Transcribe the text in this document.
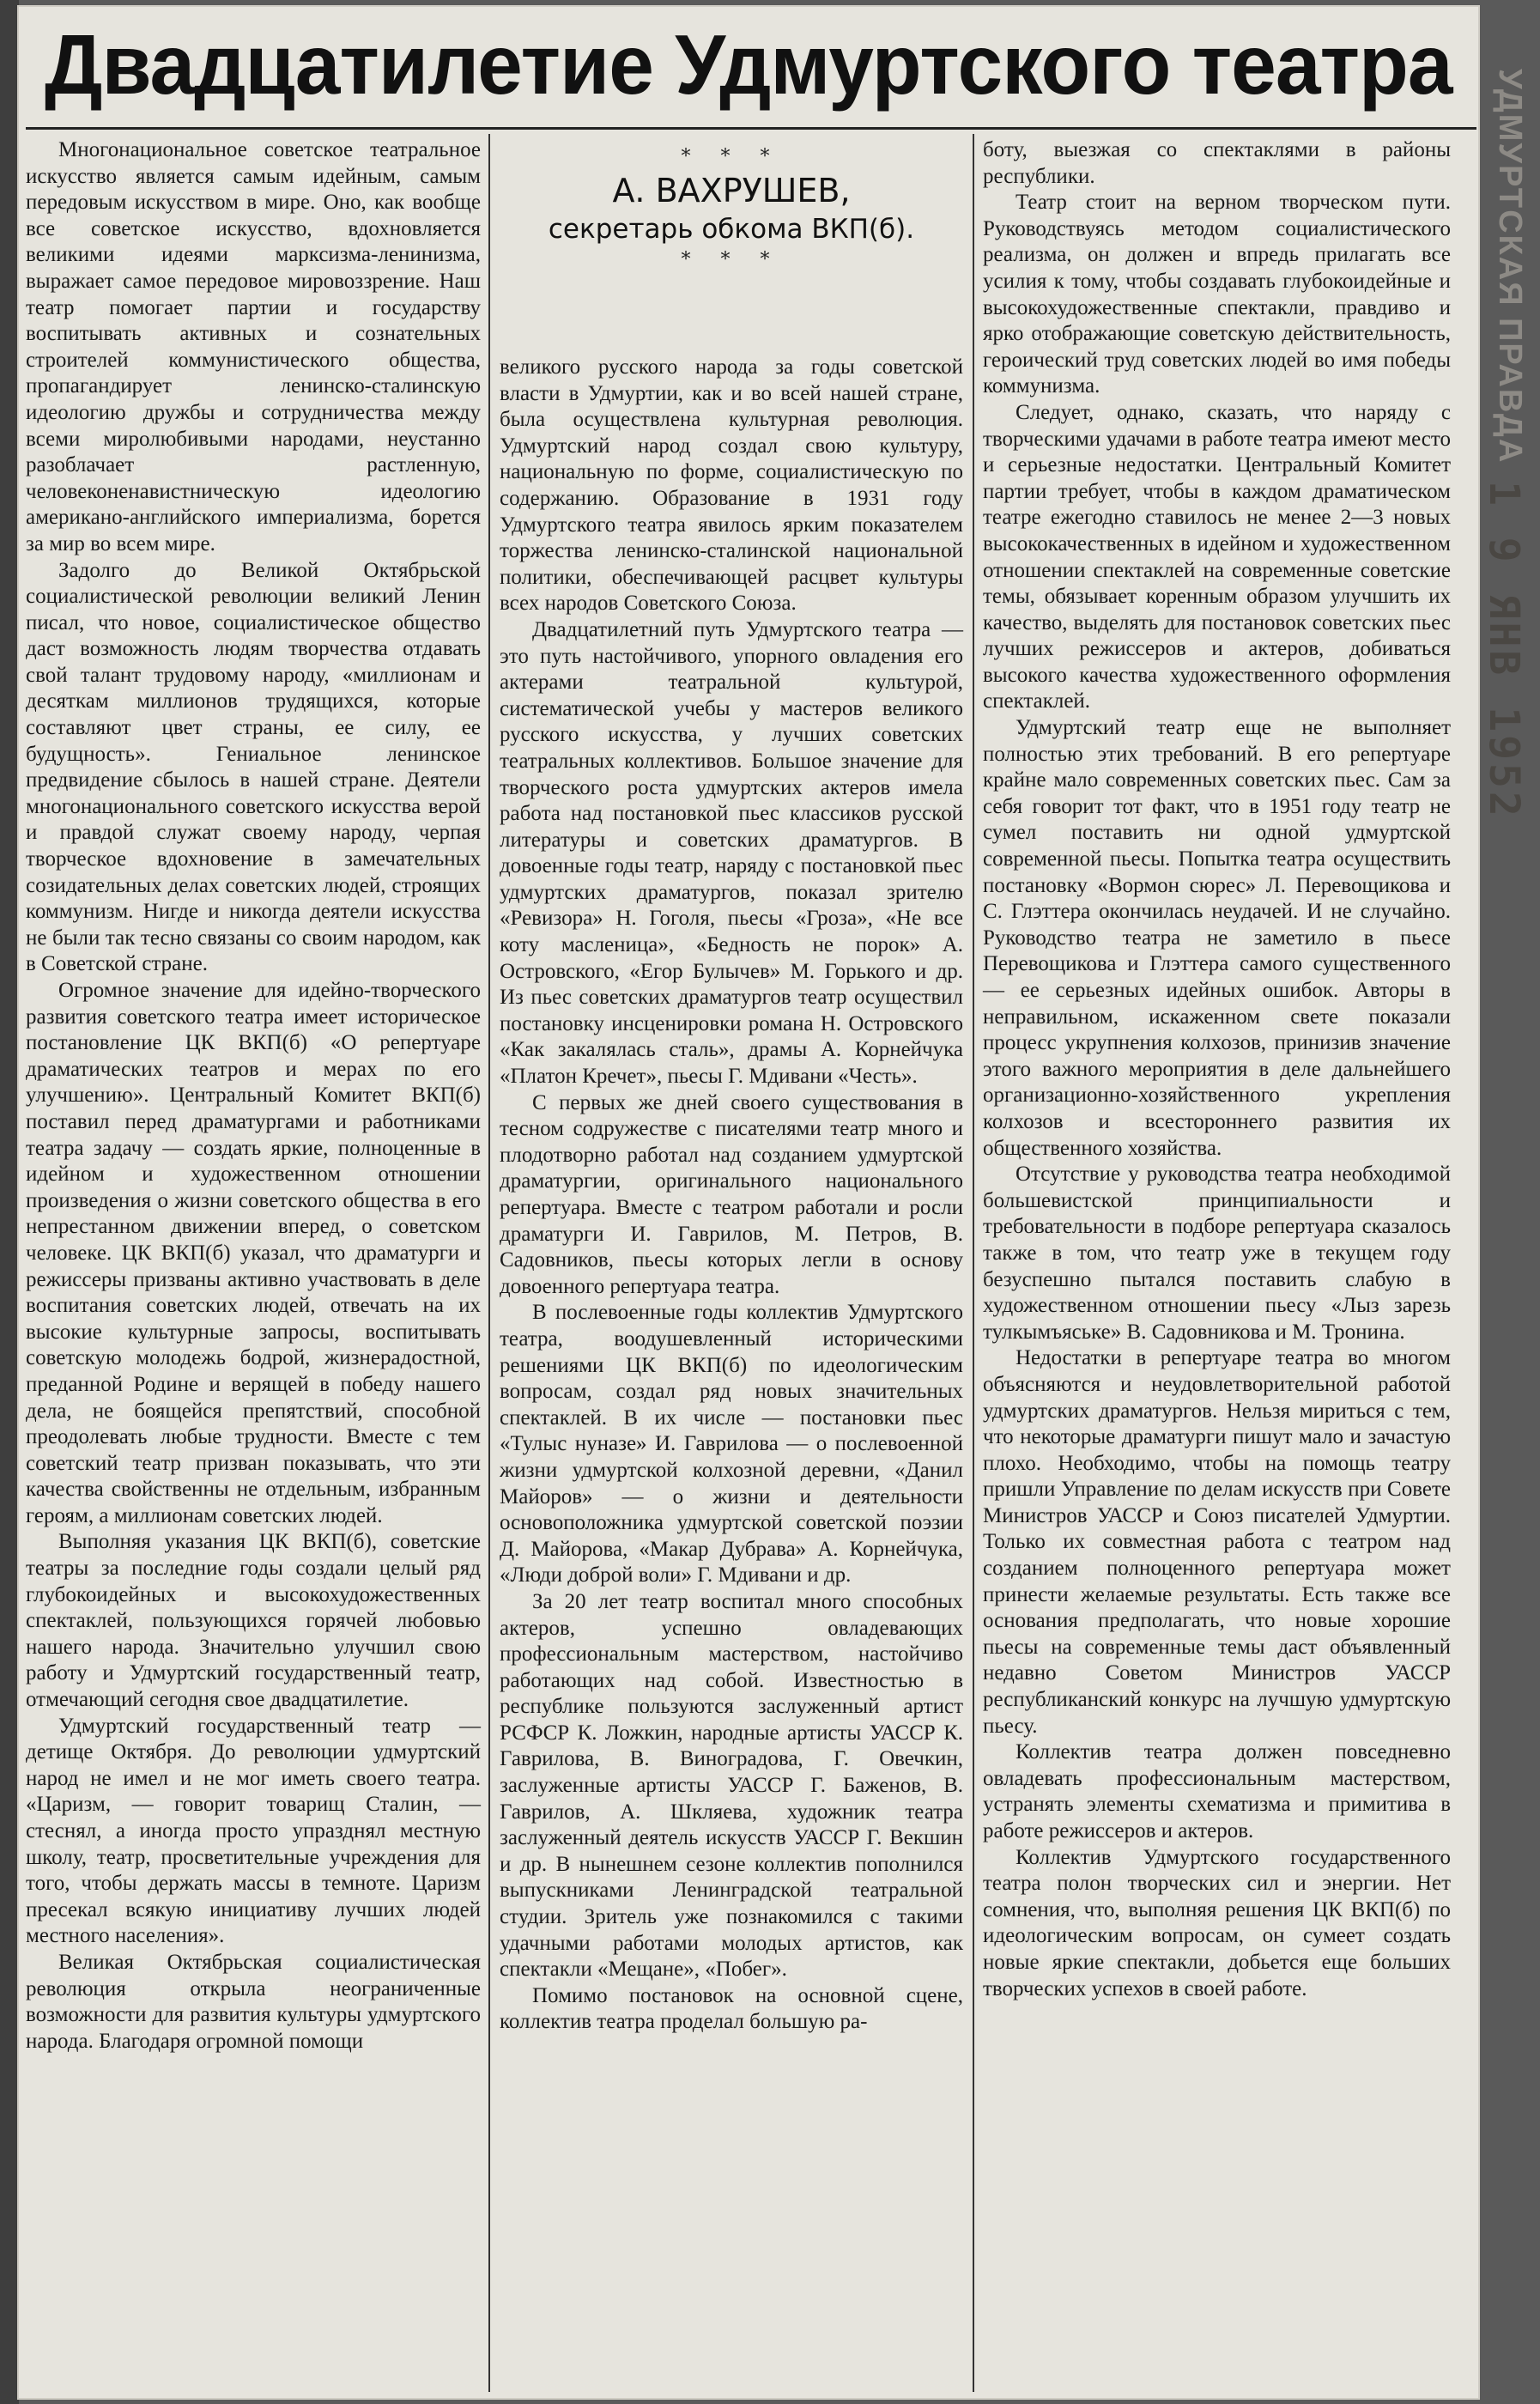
Двадцатилетие Удмуртского театра

Многонациональное советское театральное искусство является самым идейным, самым передовым искусством в мире. Оно, как вообще все советское искусство, вдохновляется великими идеями марксизма-ленинизма, выражает самое передовое мировоззрение. Наш театр помогает партии и государству воспитывать активных и сознательных строителей коммунистического общества, пропагандирует ленинско-сталинскую идеологию дружбы и сотрудничества между всеми миролюбивыми народами, неустанно разоблачает растленную, человеконенавистническую идеологию американо-английского империализма, борется за мир во всем мире.

Задолго до Великой Октябрьской социалистической революции великий Ленин писал, что новое, социалистическое общество даст возможность людям творчества отдавать свой талант трудовому народу, «миллионам и десяткам миллионов трудящихся, которые составляют цвет страны, ее силу, ее будущность». Гениальное ленинское предвидение сбылось в нашей стране. Деятели многонационального советского искусства верой и правдой служат своему народу, черпая творческое вдохновение в замечательных созидательных делах советских людей, строящих коммунизм. Нигде и никогда деятели искусства не были так тесно связаны со своим народом, как в Советской стране.

Огромное значение для идейно-творческого развития советского театра имеет историческое постановление ЦК ВКП(б) «О репертуаре драматических театров и мерах по его улучшению». Центральный Комитет ВКП(б) поставил перед драматургами и работниками театра задачу — создать яркие, полноценные в идейном и художественном отношении произведения о жизни советского общества в его непрестанном движении вперед, о советском человеке. ЦК ВКП(б) указал, что драматурги и режиссеры призваны активно участвовать в деле воспитания советских людей, отвечать на их высокие культурные запросы, воспитывать советскую молодежь бодрой, жизнерадостной, преданной Родине и верящей в победу нашего дела, не боящейся препятствий, способной преодолевать любые трудности. Вместе с тем советский театр призван показывать, что эти качества свойственны не отдельным, избранным героям, а миллионам советских людей.

Выполняя указания ЦК ВКП(б), советские театры за последние годы создали целый ряд глубокоидейных и высокохудожественных спектаклей, пользующихся горячей любовью нашего народа. Значительно улучшил свою работу и Удмуртский государственный театр, отмечающий сегодня свое двадцатилетие.

Удмуртский государственный театр — детище Октября. До революции удмуртский народ не имел и не мог иметь своего театра. «Царизм, — говорит товарищ Сталин, — стеснял, а иногда просто упразднял местную школу, театр, просветительные учреждения для того, чтобы держать массы в темноте. Царизм пресекал всякую инициативу лучших людей местного населения».

Великая Октябрьская социалистическая революция открыла неограниченные возможности для развития культуры удмуртского народа. Благодаря огромной помощи

* * *
А. ВАХРУШЕВ,
секретарь обкома ВКП(б).
* * *

великого русского народа за годы советской власти в Удмуртии, как и во всей нашей стране, была осуществлена культурная революция. Удмуртский народ создал свою культуру, национальную по форме, социалистическую по содержанию. Образование в 1931 году Удмуртского театра явилось ярким показателем торжества ленинско-сталинской национальной политики, обеспечивающей расцвет культуры всех народов Советского Союза.

Двадцатилетний путь Удмуртского театра — это путь настойчивого, упорного овладения его актерами театральной культурой, систематической учебы у мастеров великого русского искусства, у лучших советских театральных коллективов. Большое значение для творческого роста удмуртских актеров имела работа над постановкой пьес классиков русской литературы и советских драматургов. В довоенные годы театр, наряду с постановкой пьес удмуртских драматургов, показал зрителю «Ревизора» Н. Гоголя, пьесы «Гроза», «Не все коту масленица», «Бедность не порок» А. Островского, «Егор Булычев» М. Горького и др. Из пьес советских драматургов театр осуществил постановку инсценировки романа Н. Островского «Как закалялась сталь», драмы А. Корнейчука «Платон Кречет», пьесы Г. Мдивани «Честь».

С первых же дней своего существования в тесном содружестве с писателями театр много и плодотворно работал над созданием удмуртской драматургии, оригинального национального репертуара. Вместе с театром работали и росли драматурги И. Гаврилов, М. Петров, В. Садовников, пьесы которых легли в основу довоенного репертуара театра.

В послевоенные годы коллектив Удмуртского театра, воодушевленный историческими решениями ЦК ВКП(б) по идеологическим вопросам, создал ряд новых значительных спектаклей. В их числе — постановки пьес «Тулыс нуназе» И. Гаврилова — о послевоенной жизни удмуртской колхозной деревни, «Данил Майоров» — о жизни и деятельности основоположника удмуртской советской поэзии Д. Майорова, «Макар Дубрава» А. Корнейчука, «Люди доброй воли» Г. Мдивани и др.

За 20 лет театр воспитал много способных актеров, успешно овладевающих профессиональным мастерством, настойчиво работающих над собой. Известностью в республике пользуются заслуженный артист РСФСР К. Ложкин, народные артисты УАССР К. Гаврилова, В. Виноградова, Г. Овечкин, заслуженные артисты УАССР Г. Баженов, В. Гаврилов, А. Шкляева, художник театра заслуженный деятель искусств УАССР Г. Векшин и др. В нынешнем сезоне коллектив пополнился выпускниками Ленинградской театральной студии. Зритель уже познакомился с такими удачными работами молодых артистов, как спектакли «Мещане», «Побег».

Помимо постановок на основной сцене, коллектив театра проделал большую ра-

боту, выезжая со спектаклями в районы республики.

Театр стоит на верном творческом пути. Руководствуясь методом социалистического реализма, он должен и впредь прилагать все усилия к тому, чтобы создавать глубокоидейные и высокохудожественные спектакли, правдиво и ярко отображающие советскую действительность, героический труд советских людей во имя победы коммунизма.

Следует, однако, сказать, что наряду с творческими удачами в работе театра имеют место и серьезные недостатки. Центральный Комитет партии требует, чтобы в каждом драматическом театре ежегодно ставилось не менее 2—3 новых высококачественных в идейном и художественном отношении спектаклей на современные советские темы, обязывает коренным образом улучшить их качество, выделять для постановок советских пьес лучших режиссеров и актеров, добиваться высокого качества художественного оформления спектаклей.

Удмуртский театр еще не выполняет полностью этих требований. В его репертуаре крайне мало современных советских пьес. Сам за себя говорит тот факт, что в 1951 году театр не сумел поставить ни одной удмуртской современной пьесы. Попытка театра осуществить постановку «Вормон сюрес» Л. Перевощикова и С. Глэттера окончилась неудачей. И не случайно. Руководство театра не заметило в пьесе Перевощикова и Глэттера самого существенного — ее серьезных идейных ошибок. Авторы в неправильном, искаженном свете показали процесс укрупнения колхозов, принизив значение этого важного мероприятия в деле дальнейшего организационно-хозяйственного укрепления колхозов и всестороннего развития их общественного хозяйства.

Отсутствие у руководства театра необходимой большевистской принципиальности и требовательности в подборе репертуара сказалось также в том, что театр уже в текущем году безуспешно пытался поставить слабую в художественном отношении пьесу «Лыз зарезь тулкымъяське» В. Садовникова и М. Тронина.

Недостатки в репертуаре театра во многом объясняются и неудовлетворительной работой удмуртских драматургов. Нельзя мириться с тем, что некоторые драматурги пишут мало и зачастую плохо. Необходимо, чтобы на помощь театру пришли Управление по делам искусств при Совете Министров УАССР и Союз писателей Удмуртии. Только их совместная работа с театром над созданием полноценного репертуара может принести желаемые результаты. Есть также все основания предполагать, что новые хорошие пьесы на современные темы даст объявленный недавно Советом Министров УАССР республиканский конкурс на лучшую удмуртскую пьесу.

Коллектив театра должен повседневно овладевать профессиональным мастерством, устранять элементы схематизма и примитива в работе режиссеров и актеров.

Коллектив Удмуртского государственного театра полон творческих сил и энергии. Нет сомнения, что, выполняя решения ЦК ВКП(б) по идеологическим вопросам, он сумеет создать новые яркие спектакли, добьется еще больших творческих успехов в своей работе.

УДМУРТСКАЯ ПРАВДА
1 9 ЯНВ 1952
